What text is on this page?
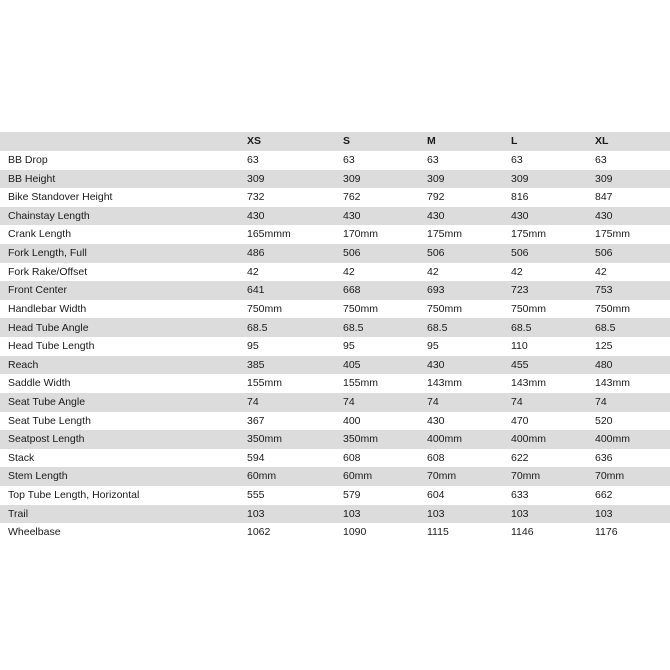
	XS	S	M	L	XL
BB Drop	63	63	63	63	63
BB Height	309	309	309	309	309
Bike Standover Height	732	762	792	816	847
Chainstay Length	430	430	430	430	430
Crank Length	165mmm	170mm	175mm	175mm	175mm
Fork Length, Full	486	506	506	506	506
Fork Rake/Offset	42	42	42	42	42
Front Center	641	668	693	723	753
Handlebar Width	750mm	750mm	750mm	750mm	750mm
Head Tube Angle	68.5	68.5	68.5	68.5	68.5
Head Tube Length	95	95	95	110	125
Reach	385	405	430	455	480
Saddle Width	155mm	155mm	143mm	143mm	143mm
Seat Tube Angle	74	74	74	74	74
Seat Tube Length	367	400	430	470	520
Seatpost Length	350mm	350mm	400mm	400mm	400mm
Stack	594	608	608	622	636
Stem Length	60mm	60mm	70mm	70mm	70mm
Top Tube Length, Horizontal	555	579	604	633	662
Trail	103	103	103	103	103
Wheelbase	1062	1090	1115	1146	1176
